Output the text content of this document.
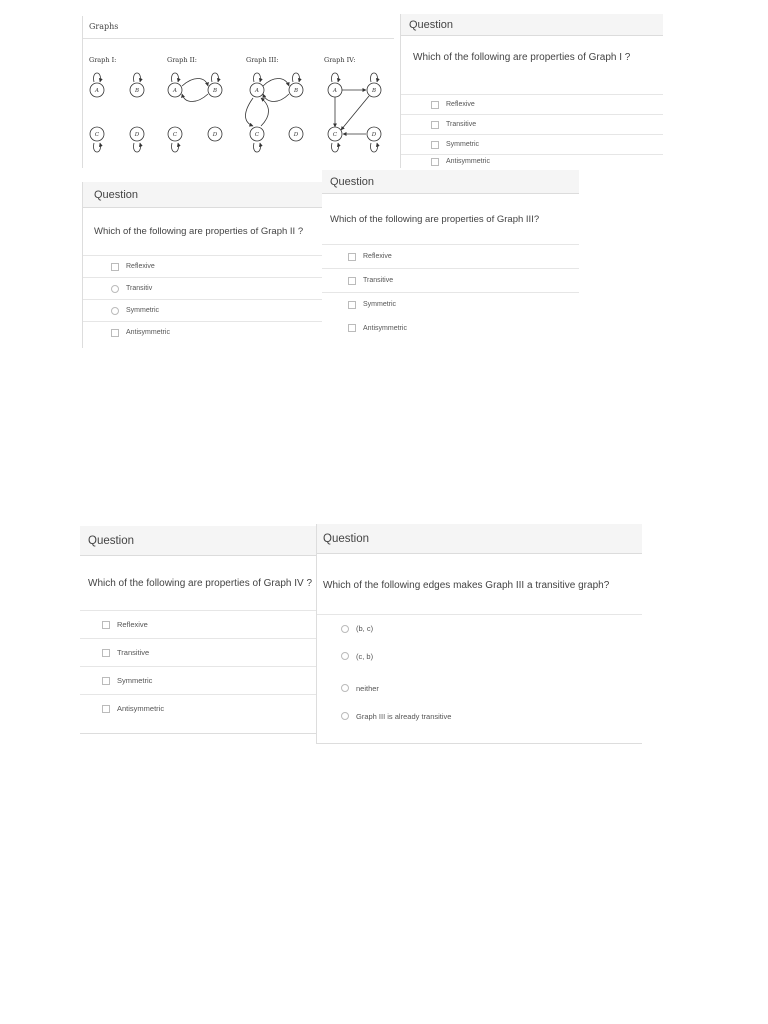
Graphs
Graph I:	Graph II:	Graph III:	Graph IV:
A	B
C	D
A	B
C	D
A	B
C	D
A	B
C	D
Question
Which of the following are properties of Graph I ?
Reflexive
Transitive
Symmetric
Antisymmetric
Question
Which of the following are properties of Graph II ?
Reflexive
Transitiv
Symmetric
Antisymmetric
Question
Which of the following are properties of Graph III?
Reflexive
Transitive
Symmetric
Antisymmetric
Question
Which of the following are properties of Graph IV ?
Reflexive
Transitive
Symmetric
Antisymmetric
Question
Which of the following edges makes Graph III a transitive graph?
(b, c)
(c, b)
neither
Graph III is already transitive
